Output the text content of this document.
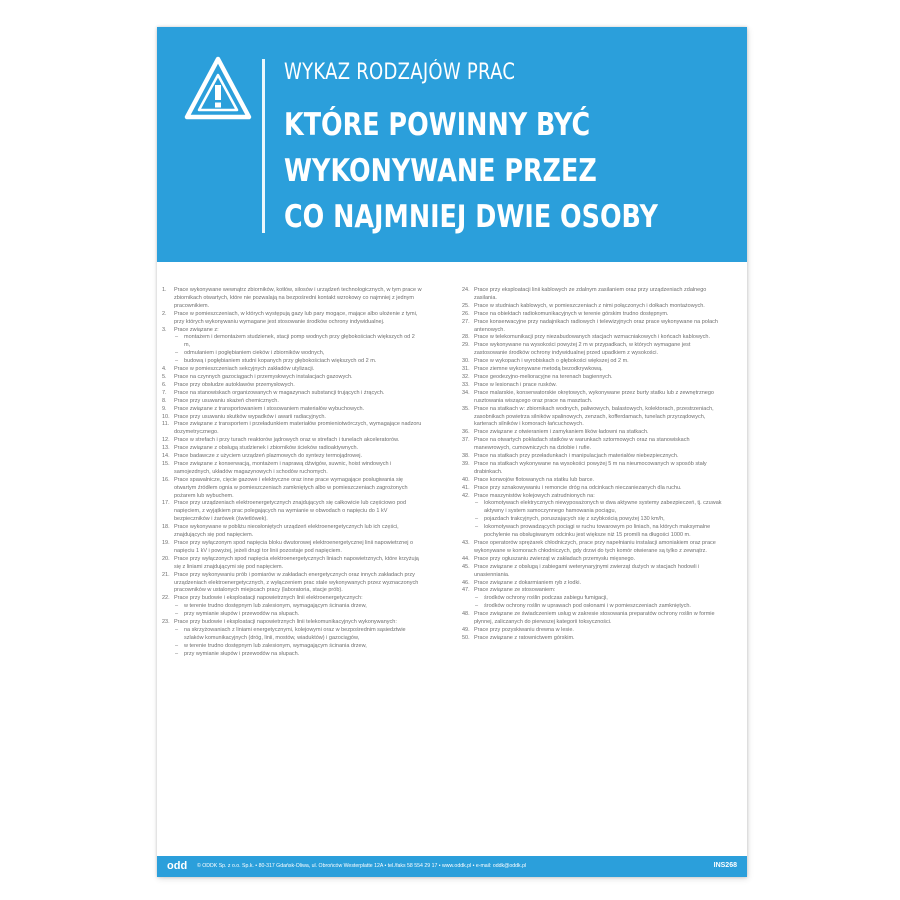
WYKAZ RODZAJÓW PRAC
KTÓRE POWINNY BYĆ
WYKONYWANE PRZEZ
CO NAJMNIEJ DWIE OSOBY
1. Prace wykonywane wewnątrz zbiorników, kotłów, silosów i urządzeń technologicznych, w tym prace w zbiornikach otwartych, które nie pozwalają na bezpośredni kontakt wzrokowy co najmniej z jednym pracownikiem.
2. Prace w pomieszczeniach, w których występują gazy lub pary mogące, mające albo ułożenie z tymi, przy których wykonywaniu wymagane jest stosowanie środków ochrony indywidualnej.
3. Prace związane z:
– montażem i demontażem studzienek, stacji pomp wodnych przy głębokościach większych od 2 m,
– odmulaniem i pogłębianiem cieków i zbiorników wodnych,
– budową i pogłębianiem studni kopanych przy głębokościach większych od 2 m.
4. Prace w pomieszczeniach sekcyjnych zakładów utylizacji.
5. Prace na czynnych gazociągach i przemysłowych instalacjach gazowych.
6. Prace przy obsłudze autoklawów przemysłowych.
7. Prace na stanowiskach organizowanych w magazynach substancji trujących i żrących.
8. Prace przy usuwaniu skażeń chemicznych.
9. Prace związane z transportowaniem i stosowaniem materiałów wybuchowych.
10. Prace przy usuwaniu skutków wypadków i awarii radiacyjnych.
11. Prace związane z transportem i przeładunkiem materiałów promieniotwórczych, wymagające nadzoru dozymetrycznego.
12. Prace w strefach i przy turach reaktorów jądrowych oraz w strefach i tunelach akceleratorów.
13. Prace związane z obsługą studzienek i zbiorników ścieków radioaktywnych.
14. Prace badawcze z użyciem urządzeń plazmowych do syntezy termojądrowej.
15. Prace związane z konserwacją, montażem i naprawą dźwigów, suwnic, hoist windowych i samojezdnych, układów magazynowych i schodów ruchomych.
16. Prace spawalnicze, cięcie gazowe i elektryczne oraz inne prace wymagające posługiwania się otwartym źródłem ognia w pomieszczeniach zamkniętych albo w pomieszczeniach zagrożonych pożarem lub wybuchem.
17. Prace przy urządzeniach elektroenergetycznych znajdujących się całkowicie lub częściowo pod napięciem, z wyjątkiem prac polegających na wymianie w obwodach o napięciu do 1 kV bezpieczników i żarówek (świetlówek).
18. Prace wykonywane w pobliżu nieosłoniętych urządzeń elektroenergetycznych lub ich części, znajdujących się pod napięciem.
19. Prace przy wyłączonym spod napięcia bloku dwutorowej elektroenergetycznej linii napowietrznej o napięciu 1 kV i powyżej, jeżeli drugi tor linii pozostaje pod napięciem.
20. Prace przy wyłączonych spod napięcia elektroenergetycznych liniach napowietrznych, które krzyżują się z liniami znajdującymi się pod napięciem.
21. Prace przy wykonywaniu prób i pomiarów w zakładach energetycznych oraz innych zakładach przy urządzeniach elektroenergetycznych, z wyłączeniem prac stale wykonywanych przez wyznaczonych pracowników w ustalonych miejscach pracy (laboratoria, stacje prób).
22. Prace przy budowie i eksploatacji napowietrznych linii elektroenergetycznych:
– w terenie trudno dostępnym lub zalesionym, wymagającym ścinania drzew,
– przy wymianie słupów i przewodów na słupach.
23. Prace przy budowie i eksploatacji napowietrznych linii telekomunikacyjnych wykonywanych:
– na skrzyżowaniach z liniami energetycznymi, kolejowymi oraz w bezpośrednim sąsiedztwie szlaków komunikacyjnych (dróg, linii, mostów, wiaduktów) i gazociągów,
– w terenie trudno dostępnym lub zalesionym, wymagającym ścinania drzew,
– przy wymianie słupów i przewodów na słupach.
24. Prace przy eksploatacji linii kablowych ze zdalnym zasilaniem oraz przy urządzeniach zdalnego zasilania.
25. Prace w studniach kablowych, w pomieszczeniach z nimi połączonych i dołkach montażowych.
26. Prace na obiektach radiokomunikacyjnych w terenie górskim trudno dostępnym.
27. Prace konserwacyjne przy nadajnikach radiowych i telewizyjnych oraz prace wykonywane na polach antenowych.
28. Prace w telekomunikacji przy niezabudowanych stacjach wzmacniakowych i końcach kablowych.
29. Prace wykonywane na wysokości powyżej 2 m w przypadkach, w których wymagane jest zastosowanie środków ochrony indywidualnej przed upadkiem z wysokości.
30. Prace w wykopach i wyrobiskach o głębokości większej od 2 m.
31. Prace ziemne wykonywane metodą bezodkrywkową.
32. Prace geodezyjno-melioracyjne na terenach bagiennych.
33. Prace w lesionach i prace rusków.
34. Prace malarskie, konserwatorskie okrętowych, wykonywane przez burty statku lub z zewnętrznego rusztowania wiszącego oraz prace na masztach.
35. Prace na statkach w: zbiornikach wodnych, paliwowych, balastowych, kolektorach, przestrzeniach, zasobnikach powietrza silników spalinowych, zenzach, kofferdamach, tunelach przyrządowych, karterach silników i komorach łańcuchowych.
36. Prace związane z otwieraniem i zamykaniem lików ładowni na statkach.
37. Prace na otwartych pokładach statków w warunkach sztormowych oraz na stanowiskach manewrowych, cumowniczych na dziobie i rufie.
38. Prace na statkach przy przeładunkach i manipulacjach materiałów niebezpiecznych.
39. Prace na statkach wykonywane na wysokości powyżej 5 m na nieumocowanych w sposób stały drabinkach.
40. Prace konwojów flotowanych na statku lub barce.
41. Prace przy sznakowywaniu i remoncie dróg na odcinkach nieczaniezanych dla ruchu.
42. Prace maszynistów kolejowych zatrudnionych na:
– lokomotywach elektrycznych niewyposażonych w dwa aktywne systemy zabezpieczeń, tj. czuwak aktywny i system samoczynnego hamowania pociągu,
– pojazdach trakcyjnych, poruszających się z szybkością powyżej 130 km/h,
– lokomotywach prowadzących pociągi w ruchu towarowym po liniach, na których maksymalne pochylenie na obsługiwanym odcinku jest większe niż 15 promili na długości 1000 m.
43. Prace operatorów sprężarek chłodniczych, prace przy napełnianiu instalacji amoniakiem oraz prace wykonywane w komorach chłodniczych, gdy drzwi do tych komór otwierane są tylko z zewnątrz.
44. Prace przy ogłuszaniu zwierząt w zakładach przemysłu mięsnego.
45. Prace związane z obsługą i zabiegami weterynaryjnymi zwierząt dużych w stacjach hodowli i unasienniania.
46. Prace związane z dokarmianiem ryb z łodki.
47. Prace związane ze stosowaniem:
– środków ochrony roślin podczas zabiegu fumigacji,
– środków ochrony roślin w uprawach pod osłonami i w pomieszczeniach zamkniętych.
48. Prace związane ze świadczeniem usług w zakresie stosowania preparatów ochrony roślin w formie płynnej, zaliczanych do pierwszej kategorii toksyczności.
49. Prace przy pozyskiwaniu drewna w lesie.
50. Prace związane z ratownictwem górskim.
odd © ODDK Sp. z o.o. Sp.k. • 80-317 Gdańsk-Oliwa, ul. Obrońców Westerplatte 12A • tel./faks 58 554 29 17 • www.oddk.pl • e-mail: oddk@oddk.pl	INS268
